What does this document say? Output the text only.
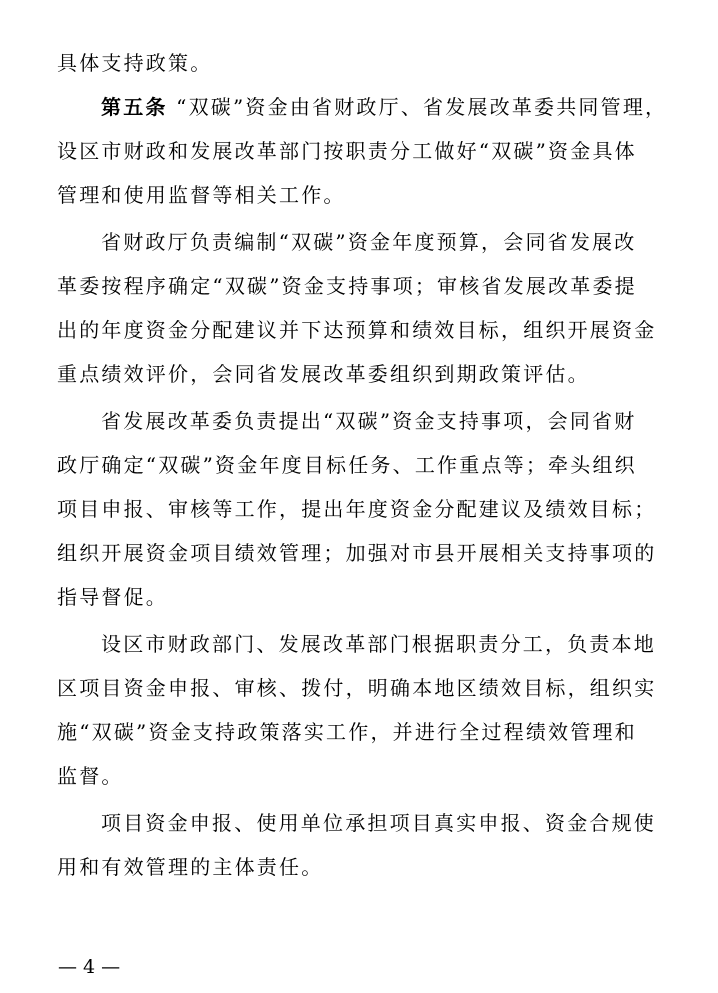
具体支持政策。
第五条 “双碳”资金由省财政厅、省发展改革委共同管理，
设区市财政和发展改革部门按职责分工做好“双碳”资金具体
管理和使用监督等相关工作。
省财政厅负责编制“双碳”资金年度预算，会同省发展改
革委按程序确定“双碳”资金支持事项；审核省发展改革委提
出的年度资金分配建议并下达预算和绩效目标，组织开展资金
重点绩效评价，会同省发展改革委组织到期政策评估。
省发展改革委负责提出“双碳”资金支持事项，会同省财
政厅确定“双碳”资金年度目标任务、工作重点等；牵头组织
项目申报、审核等工作，提出年度资金分配建议及绩效目标；
组织开展资金项目绩效管理；加强对市县开展相关支持事项的
指导督促。
设区市财政部门、发展改革部门根据职责分工，负责本地
区项目资金申报、审核、拨付，明确本地区绩效目标，组织实
施“双碳”资金支持政策落实工作，并进行全过程绩效管理和
监督。
项目资金申报、使用单位承担项目真实申报、资金合规使
用和有效管理的主体责任。
— 4 —
